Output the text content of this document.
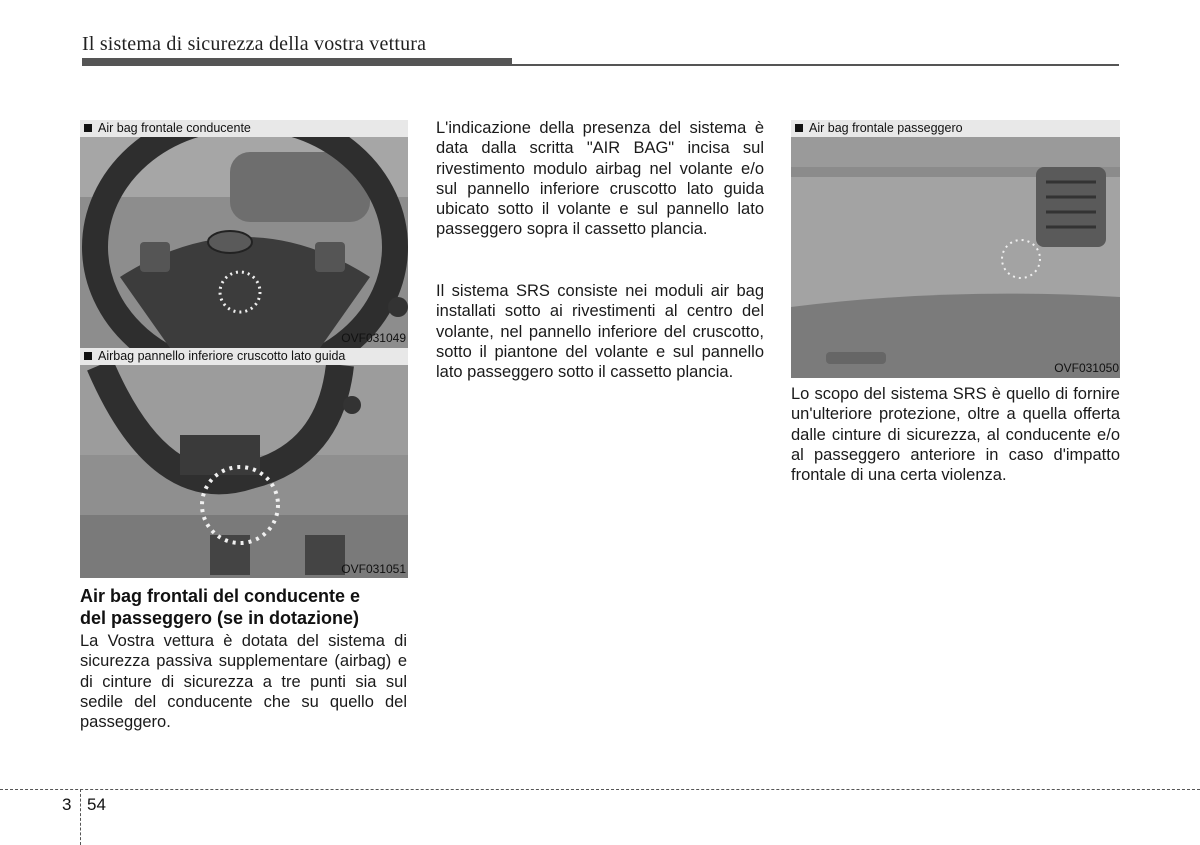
Il sistema di sicurezza della vostra vettura
Air bag frontale conducente
OVF031049
Airbag pannello inferiore cruscotto lato guida
OVF031051
Air bag frontali del conducente e
del passeggero (se in dotazione)
La Vostra vettura è dotata del sistema di sicurezza passiva supplementare (airbag) e di cinture di sicurezza a tre punti sia sul sedile del conducente che su quello del passeggero.
L'indicazione della presenza del sistema è data dalla scritta "AIR BAG" incisa sul rivestimento modulo airbag nel volante e/o sul pannello inferiore cruscotto lato guida ubicato sotto il volante e sul pannello lato passeggero sopra il cassetto plancia.
Il sistema SRS consiste nei moduli air bag installati sotto ai rivestimenti al centro del volante, nel pannello inferiore del cruscotto, sotto il piantone del volante e sul pannello lato passeggero sotto il cassetto plancia.
Air bag frontale passeggero
OVF031050
Lo scopo del sistema SRS è quello di fornire un'ulteriore protezione, oltre a quella offerta dalle cinture di sicurezza, al conducente e/o al passeggero anteriore in caso d'impatto frontale di una certa violenza.
3 54
